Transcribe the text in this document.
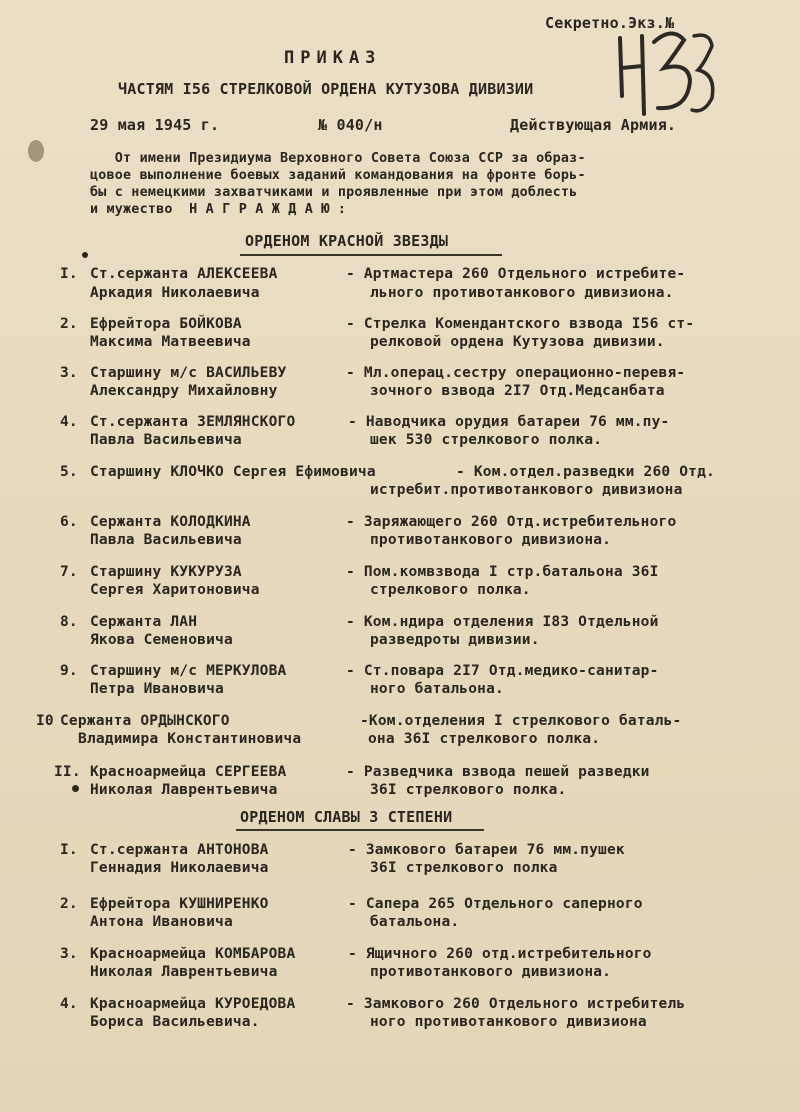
Секретно.Экз.№
ПРИКАЗ
ЧАСТЯМ I56 СТРЕЛКОВОЙ ОРДЕНА КУТУЗОВА ДИВИЗИИ
29 мая 1945 г.	№ 040/н	Действующая Армия.
От имени Президиума Верховного Совета Союза ССР за образ-
цовое выполнение боевых заданий командования на фронте борь-
бы с немецкими захватчиками и проявленные при этом доблесть
и мужество  Н А Г Р А Ж Д А Ю :
ОРДЕНОМ КРАСНОЙ ЗВЕЗДЫ
I. Ст.сержанта АЛЕКСЕЕВА
Аркадия Николаевича
- Артмастера 260 Отдельного истребите-
льного противотанкового дивизиона.
2. Ефрейтора БОЙКОВА
Максима Матвеевича
- Стрелка Комендантского взвода I56 ст-
релковой ордена Кутузова дивизии.
3. Старшину м/с ВАСИЛЬЕВУ
Александру Михайловну
- Мл.операц.сестру операционно-перевя-
зочного взвода 2I7 Отд.Медсанбата
4. Ст.сержанта ЗЕМЛЯНСКОГО
Павла Васильевича
- Наводчика орудия батареи 76 мм.пу-
шек 530 стрелкового полка.
5. Старшину КЛОЧКО Сергея Ефимовича	- Ком.отдел.разведки 260 Отд.
истребит.противотанкового дивизиона
6. Сержанта КОЛОДКИНА
Павла Васильевича
- Заряжающего 260 Отд.истребительного
противотанкового дивизиона.
7. Старшину КУКУРУЗА
Сергея Харитоновича
- Пом.комвзвода I стр.батальона 36I
стрелкового полка.
8. Сержанта ЛАН
Якова Семеновича
- Ком.ндира отделения I83 Отдельной
разведроты дивизии.
9. Старшину м/с МЕРКУЛОВА
Петра Ивановича
- Ст.повара 2I7 Отд.медико-санитар-
ного батальона.
I0 Сержанта ОРДЫНСКОГО
Владимира Константиновича
-Ком.отделения I стрелкового баталь-
она 36I стрелкового полка.
II. Красноармейца СЕРГЕЕВА
Николая Лаврентьевича
- Разведчика взвода пешей разведки
36I стрелкового полка.
ОРДЕНОМ СЛАВЫ 3 СТЕПЕНИ
I. Ст.сержанта АНТОНОВА
Геннадия Николаевича
- Замкового батареи 76 мм.пушек
36I стрелкового полка
2. Ефрейтора КУШНИРЕНКО
Антона Ивановича
- Сапера 265 Отдельного саперного
батальона.
3. Красноармейца КОМБАРОВА
Николая Лаврентьевича
- Ящичного 260 отд.истребительного
противотанкового дивизиона.
4. Красноармейца КУРОЕДОВА
Бориса Васильевича.
- Замкового 260 Отдельного истребитель
ного противотанкового дивизиона
